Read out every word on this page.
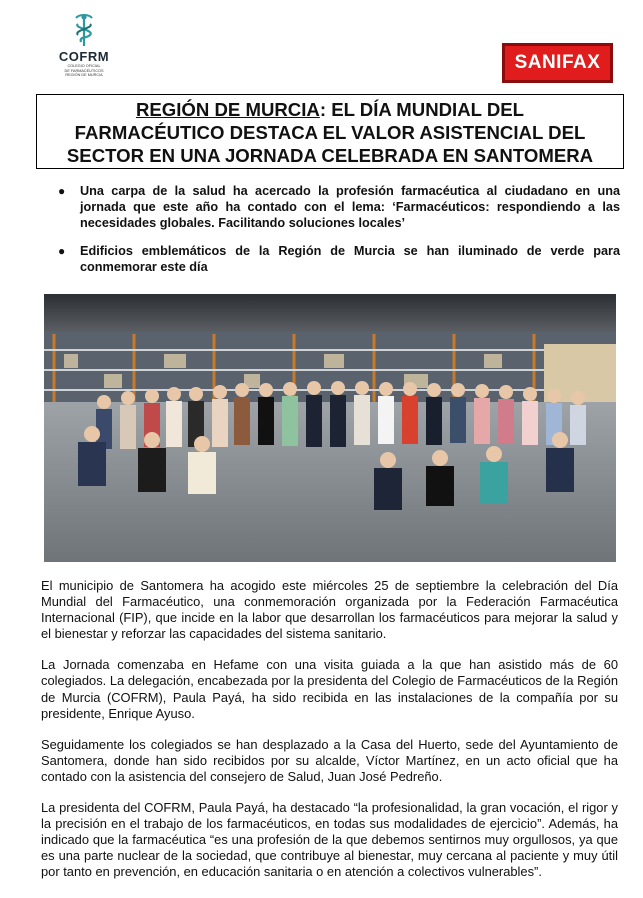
COFRM
COLEGIO OFICIAL
DE FARMACÉUTICOS
REGIÓN DE MURCIA
SANIFAX
REGIÓN DE MURCIA: EL DÍA MUNDIAL DEL
FARMACÉUTICO DESTACA EL VALOR ASISTENCIAL DEL
SECTOR EN UNA JORNADA CELEBRADA EN SANTOMERA
● Una carpa de la salud ha acercado la profesión farmacéutica al ciudadano en una jornada que este año ha contado con el lema: ‘Farmacéuticos: respondiendo a las necesidades globales. Facilitando soluciones locales’
● Edificios emblemáticos de la Región de Murcia se han iluminado de verde para conmemorar este día

El municipio de Santomera ha acogido este miércoles 25 de septiembre la celebración del Día Mundial del Farmacéutico, una conmemoración organizada por la Federación Farmacéutica Internacional (FIP), que incide en la labor que desarrollan los farmacéuticos para mejorar la salud y el bienestar y reforzar las capacidades del sistema sanitario.

La Jornada comenzaba en Hefame con una visita guiada a la que han asistido más de 60 colegiados. La delegación, encabezada por la presidenta del Colegio de Farmacéuticos de la Región de Murcia (COFRM), Paula Payá, ha sido recibida en las instalaciones de la compañía por su presidente, Enrique Ayuso.

Seguidamente los colegiados se han desplazado a la Casa del Huerto, sede del Ayuntamiento de Santomera, donde han sido recibidos por su alcalde, Víctor Martínez, en un acto oficial que ha contado con la asistencia del consejero de Salud, Juan José Pedreño.

La presidenta del COFRM, Paula Payá, ha destacado “la profesionalidad, la gran vocación, el rigor y la precisión en el trabajo de los farmacéuticos, en todas sus modalidades de ejercicio”. Además, ha indicado que la farmacéutica “es una profesión de la que debemos sentirnos muy orgullosos, ya que es una parte nuclear de la sociedad, que contribuye al bienestar, muy cercana al paciente y muy útil por tanto en prevención, en educación sanitaria o en atención a colectivos vulnerables”.
